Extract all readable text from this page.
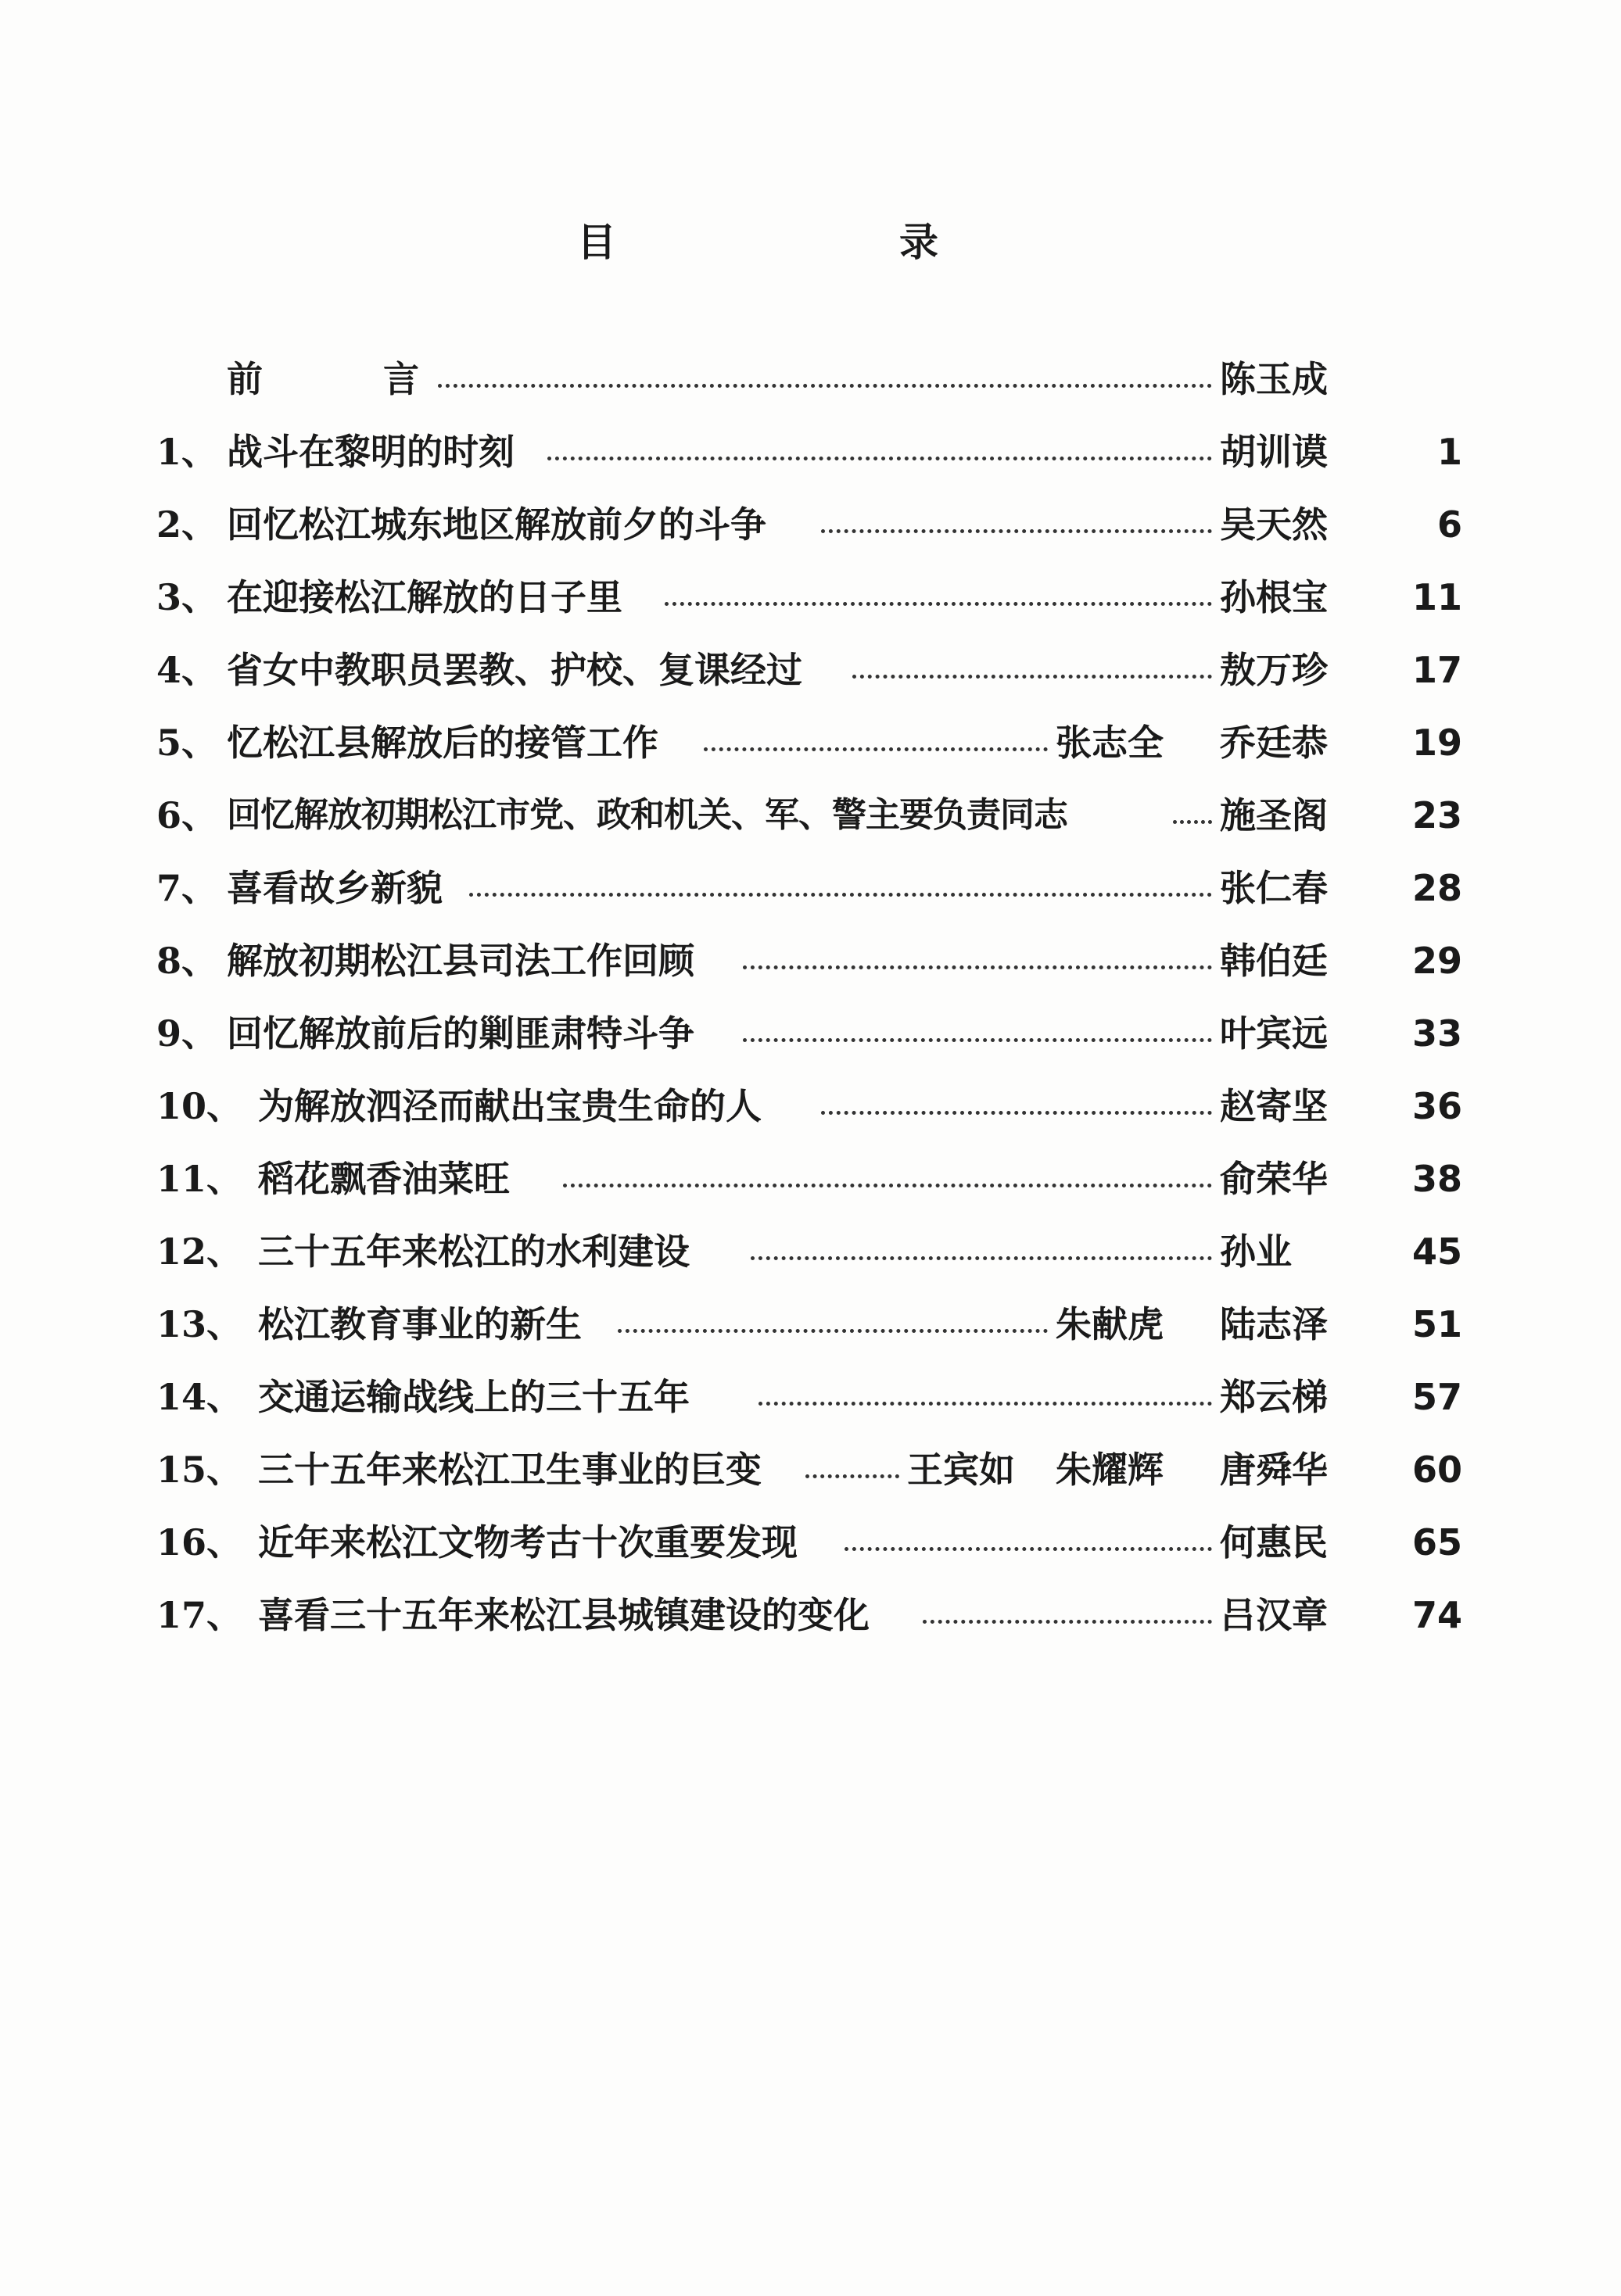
目	录
前	言	陈玉成
1、 战斗在黎明的时刻	胡训谟	1
2、 回忆松江城东地区解放前夕的斗争	吴天然	6
3、 在迎接松江解放的日子里	孙根宝	11
4、 省女中教职员罢教、护校、复课经过	敖万珍	17
5、 忆松江县解放后的接管工作	张志全 乔廷恭	19
6、 回忆解放初期松江市党、政和机关、军、警主要负责同志	施圣阁	23
7、 喜看故乡新貌	张仁春	28
8、 解放初期松江县司法工作回顾	韩伯廷	29
9、 回忆解放前后的剿匪肃特斗争	叶宾远	33
10、 为解放泗泾而献出宝贵生命的人	赵寄坚	36
11、 稻花飘香油菜旺	俞荣华	38
12、 三十五年来松江的水利建设	孙业	45
13、 松江教育事业的新生	朱献虎 陆志泽	51
14、 交通运输战线上的三十五年	郑云梯	57
15、 三十五年来松江卫生事业的巨变	王宾如 朱耀辉 唐舜华	60
16、 近年来松江文物考古十次重要发现	何惠民	65
17、 喜看三十五年来松江县城镇建设的变化	吕汉章	74
